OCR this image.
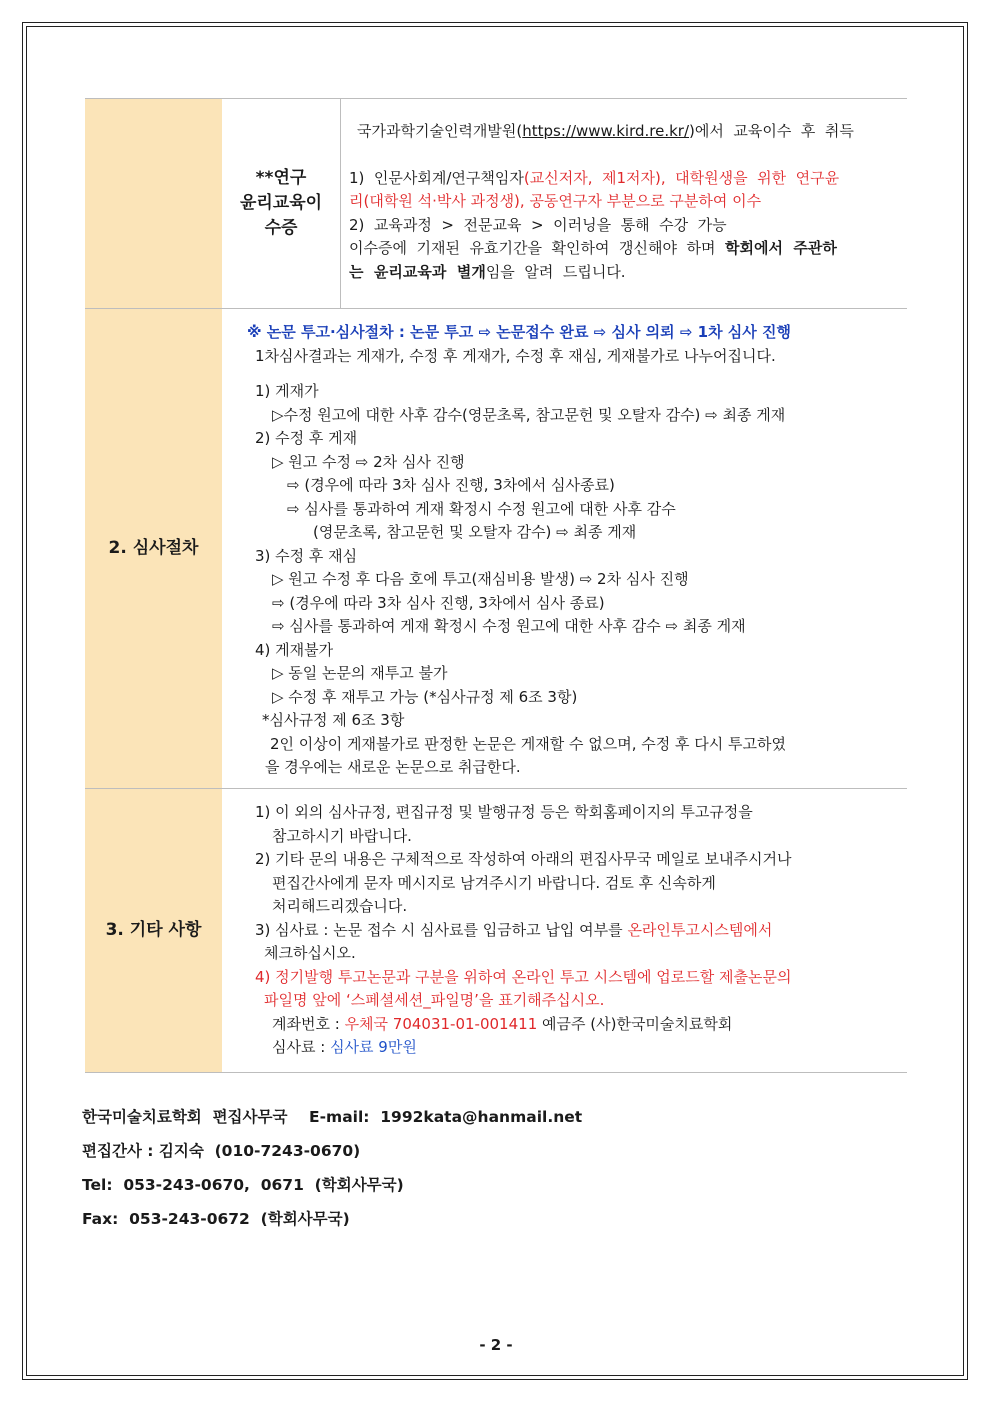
**연구
윤리교육이
수증
국가과학기술인력개발원(https://www.kird.re.kr/)에서  교육이수  후  취득
1)  인문사회계/연구책임자(교신저자,  제1저자),  대학원생을  위한  연구윤
리(대학원 석·박사 과정생), 공동연구자 부분으로 구분하여 이수
2)  교육과정  >  전문교육  >  이러닝을  통해  수강  가능
이수증에  기재된  유효기간을  확인하여  갱신해야  하며  학회에서  주관하
는  윤리교육과  별개임을  알려  드립니다.
2. 심사절차
※ 논문 투고·심사절차 : 논문 투고 ⇨ 논문접수 완료 ⇨ 심사 의뢰 ⇨ 1차 심사 진행
1차심사결과는 게재가, 수정 후 게재가, 수정 후 재심, 게재불가로 나누어집니다.
1) 게재가
▷수정 원고에 대한 사후 감수(영문초록, 참고문헌 및 오탈자 감수) ⇨ 최종 게재
2) 수정 후 게재
▷ 원고 수정 ⇨ 2차 심사 진행
⇨ (경우에 따라 3차 심사 진행, 3차에서 심사종료)
⇨ 심사를 통과하여 게재 확정시 수정 원고에 대한 사후 감수
(영문초록, 참고문헌 및 오탈자 감수) ⇨ 최종 게재
3) 수정 후 재심
▷ 원고 수정 후 다음 호에 투고(재심비용 발생) ⇨ 2차 심사 진행
⇨ (경우에 따라 3차 심사 진행, 3차에서 심사 종료)
⇨ 심사를 통과하여 게재 확정시 수정 원고에 대한 사후 감수 ⇨ 최종 게재
4) 게재불가
▷ 동일 논문의 재투고 불가
▷ 수정 후 재투고 가능 (*심사규정 제 6조 3항)
*심사규정 제 6조 3항
2인 이상이 게재불가로 판정한 논문은 게재할 수 없으며, 수정 후 다시 투고하였
을 경우에는 새로운 논문으로 취급한다.
3. 기타 사항
1) 이 외의 심사규정, 편집규정 및 발행규정 등은 학회홈페이지의 투고규정을
참고하시기 바랍니다.
2) 기타 문의 내용은 구체적으로 작성하여 아래의 편집사무국 메일로 보내주시거나
편집간사에게 문자 메시지로 남겨주시기 바랍니다. 검토 후 신속하게
처리해드리겠습니다.
3) 심사료 : 논문 접수 시 심사료를 입금하고 납입 여부를 온라인투고시스템에서
체크하십시오.
4) 정기발행 투고논문과 구분을 위하여 온라인 투고 시스템에 업로드할 제출논문의
파일명 앞에 ‘스페셜세션_파일명’을 표기해주십시오.
계좌번호 : 우체국 704031-01-001411 예금주 (사)한국미술치료학회
심사료 : 심사료 9만원
한국미술치료학회  편집사무국    E-mail:  1992kata@hanmail.net
편집간사 : 김지숙  (010-7243-0670)
Tel:  053-243-0670,  0671  (학회사무국)
Fax:  053-243-0672  (학회사무국)
- 2 -
